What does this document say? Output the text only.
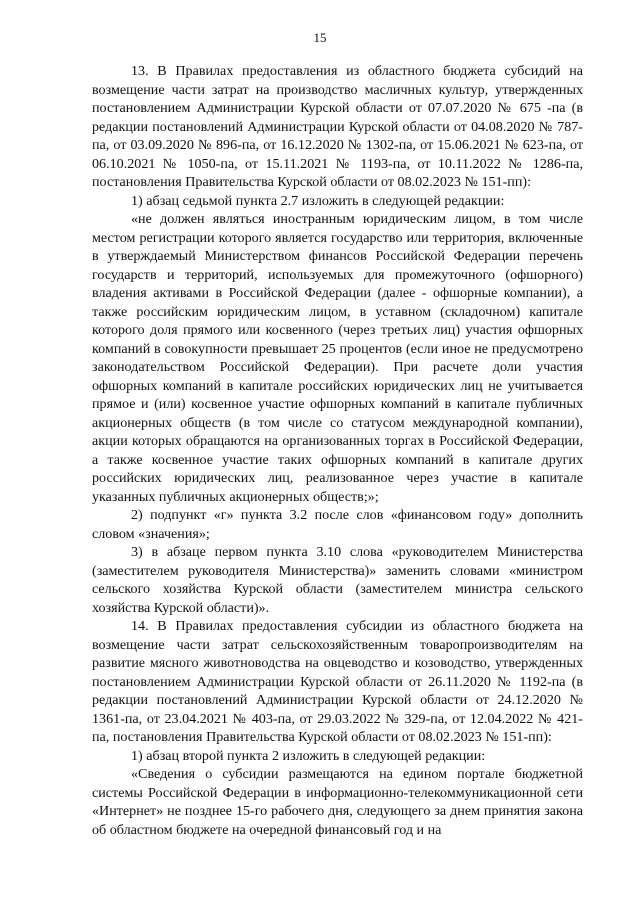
15

13. В Правилах предоставления из областного бюджета субсидий на возмещение части затрат на производство масличных культур, утвержденных постановлением Администрации Курской области от 07.07.2020 № 675 -па (в редакции постановлений Администрации Курской области от 04.08.2020 № 787-па, от 03.09.2020 № 896-па, от 16.12.2020 № 1302-па, от 15.06.2021 № 623-па, от 06.10.2021 № 1050-па, от 15.11.2021 № 1193-па, от 10.11.2022 № 1286-па, постановления Правительства Курской области от 08.02.2023 № 151-пп):

1) абзац седьмой пункта 2.7 изложить в следующей редакции:

«не должен являться иностранным юридическим лицом, в том числе местом регистрации которого является государство или территория, включенные в утверждаемый Министерством финансов Российской Федерации перечень государств и территорий, используемых для промежуточного (офшорного) владения активами в Российской Федерации (далее - офшорные компании), а также российским юридическим лицом, в уставном (складочном) капитале которого доля прямого или косвенного (через третьих лиц) участия офшорных компаний в совокупности превышает 25 процентов (если иное не предусмотрено законодательством Российской Федерации). При расчете доли участия офшорных компаний в капитале российских юридических лиц не учитывается прямое и (или) косвенное участие офшорных компаний в капитале публичных акционерных обществ (в том числе со статусом международной компании), акции которых обращаются на организованных торгах в Российской Федерации, а также косвенное участие таких офшорных компаний в капитале других российских юридических лиц, реализованное через участие в капитале указанных публичных акционерных обществ;»;

2) подпункт «г» пункта 3.2 после слов «финансовом году» дополнить словом «значения»;

3) в абзаце первом пункта 3.10 слова «руководителем Министерства (заместителем руководителя Министерства)» заменить словами «министром сельского хозяйства Курской области (заместителем министра сельского хозяйства Курской области)».

14. В Правилах предоставления субсидии из областного бюджета на возмещение части затрат сельскохозяйственным товаропроизводителям на развитие мясного животноводства на овцеводство и козоводство, утвержденных постановлением Администрации Курской области от 26.11.2020 № 1192-па (в редакции постановлений Администрации Курской области от 24.12.2020 № 1361-па, от 23.04.2021 № 403-па, от 29.03.2022 № 329-па, от 12.04.2022 № 421-па, постановления Правительства Курской области от 08.02.2023 № 151-пп):

1) абзац второй пункта 2 изложить в следующей редакции:

«Сведения о субсидии размещаются на едином портале бюджетной системы Российской Федерации в информационно-телекоммуникационной сети «Интернет» не позднее 15-го рабочего дня, следующего за днем принятия закона об областном бюджете на очередной финансовый год и на
